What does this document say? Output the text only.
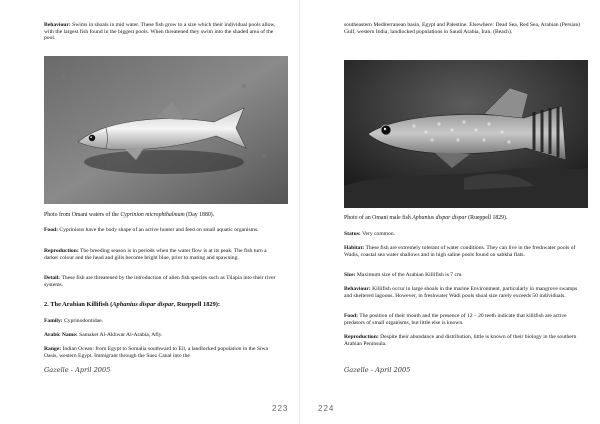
Behaviour: Swims in shoals in mid water. These fish grow to a size which their individual pools allow, with the largest fish found in the biggest pools. When threatened they swim into the shaded area of the pool.

Photo from Omani waters of the Cyprinion microphthalmum (Day 1880).

Food: Cyprinions have the body shape of an active hunter and feed on small aquatic organisms.

Reproduction: The breeding season is in periods when the water flow is at its peak. The fish turn a darker colour and the head and gills become bright blue, prior to mating and spawning.

Detail: These fish are threatened by the introduction of alien fish species such as Tilapia into their river systems.

2. The Arabian Killifish (Aphanius dispar dispar, Rueppell 1829):

Family: Cyprinodontidae.

Arabic Name: Samaket Al-Akhwar Al-Arabia, Afly.

Range: Indian Ocean: from Egypt to Somalia southward to Eil, a landlocked population in the Siwa Oasis, western Egypt. Immigrant through the Suez Canal into the

Gazelle - April 2005
223

southeastern Mediterranean basin, Egypt and Palestine. Elsewhere: Dead Sea, Red Sea, Arabian (Persian) Gulf, western India; landlocked populations in Saudi Arabia, Iran. (Beach).

Photo of an Omani male fish Aphanius dispar dispar (Rueppell 1829).

Status: Very common.

Habitat: These fish are extremely tolerant of water conditions. They can live in the freshwater pools of Wadis, coastal sea water shallows and in high saline pools found on sabkha flats.

Size: Maximum size of the Arabian Killifish is 7 cm.

Behaviour: Killifish occur in large shoals in the marine Environment, particularly in mangrove swamps and sheltered lagoons. However, in freshwater Wadi pools shoal size rarely exceeds 50 individuals.

Food: The position of their mouth and the presence of 12 – 20 teeth indicate that killifish are active predators of small organisms, but little else is known.

Reproduction: Despite their abundance and distribution, little is known of their biology in the southern Arabian Peninsula.

Gazelle - April 2005
224
